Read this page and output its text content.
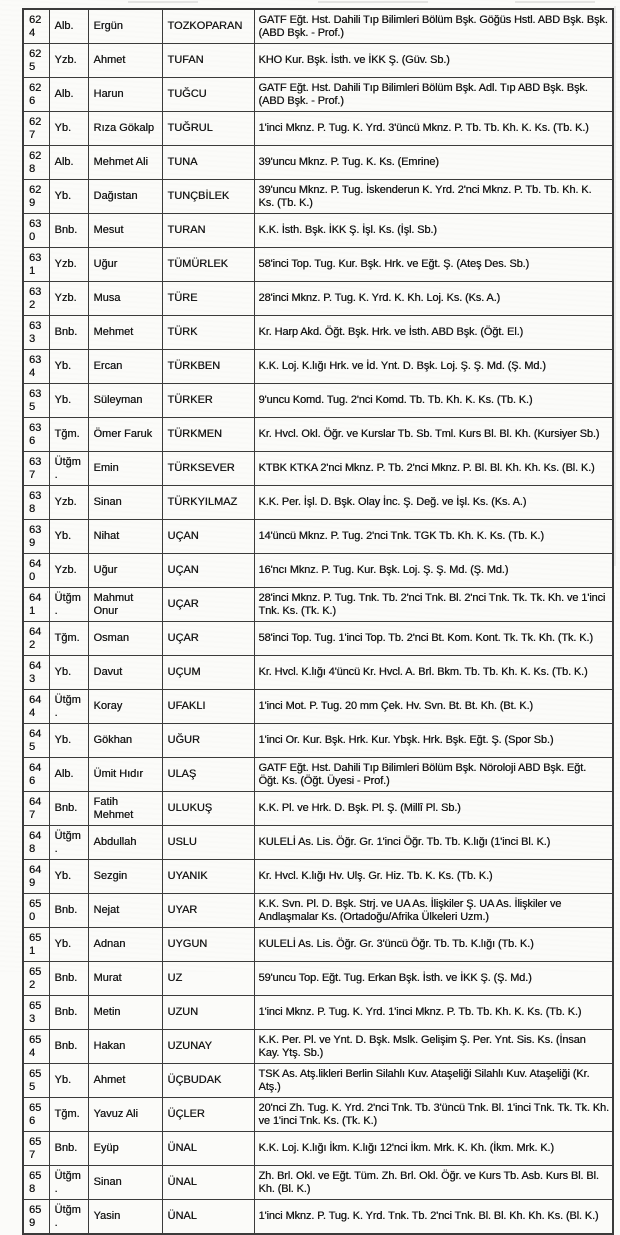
624	Alb.	Ergün	TOZKOPARAN	GATF Eğt. Hst. Dahili Tıp Bilimleri Bölüm Bşk. Göğüs Hstl. ABD Bşk. Bşk. (ABD Bşk. - Prof.)
625	Yzb.	Ahmet	TUFAN	KHO Kur. Bşk. İsth. ve İKK Ş. (Güv. Sb.)
626	Alb.	Harun	TUĞCU	GATF Eğt. Hst. Dahili Tıp Bilimleri Bölüm Bşk. Adl. Tıp ABD Bşk. Bşk. (ABD Bşk. - Prof.)
627	Yb.	Rıza Gökalp	TUĞRUL	1'inci Mknz. P. Tug. K. Yrd. 3'üncü Mknz. P. Tb. Tb. Kh. K. Ks. (Tb. K.)
628	Alb.	Mehmet Ali	TUNA	39'uncu Mknz. P. Tug. K. Ks. (Emrine)
629	Yb.	Dağıstan	TUNÇBİLEK	39'uncu Mknz. P. Tug. İskenderun K. Yrd. 2'nci Mknz. P. Tb. Tb. Kh. K. Ks. (Tb. K.)
630	Bnb.	Mesut	TURAN	K.K. İsth. Bşk. İKK Ş. İşl. Ks. (İşl. Sb.)
631	Yzb.	Uğur	TÜMÜRLEK	58'inci Top. Tug. Kur. Bşk. Hrk. ve Eğt. Ş. (Ateş Des. Sb.)
632	Yzb.	Musa	TÜRE	28'inci Mknz. P. Tug. K. Yrd. K. Kh. Loj. Ks. (Ks. A.)
633	Bnb.	Mehmet	TÜRK	Kr. Harp Akd. Öğt. Bşk. Hrk. ve İsth. ABD Bşk. (Öğt. El.)
634	Yb.	Ercan	TÜRKBEN	K.K. Loj. K.lığı Hrk. ve İd. Ynt. D. Bşk. Loj. Ş. Ş. Md. (Ş. Md.)
635	Yb.	Süleyman	TÜRKER	9'uncu Komd. Tug. 2'nci Komd. Tb. Tb. Kh. K. Ks. (Tb. K.)
636	Tğm.	Ömer Faruk	TÜRKMEN	Kr. Hvcl. Okl. Öğr. ve Kurslar Tb. Sb. Tml. Kurs Bl. Bl. Kh. (Kursiyer Sb.)
637	Ütğm.	Emin	TÜRKSEVER	KTBK KTKA 2'nci Mknz. P. Tb. 2'nci Mknz. P. Bl. Bl. Kh. Kh. Ks. (Bl. K.)
638	Yzb.	Sinan	TÜRKYILMAZ	K.K. Per. İşl. D. Bşk. Olay İnc. Ş. Değ. ve İşl. Ks. (Ks. A.)
639	Yb.	Nihat	UÇAN	14'üncü Mknz. P. Tug. 2'nci Tnk. TGK Tb. Kh. K. Ks. (Tb. K.)
640	Yzb.	Uğur	UÇAN	16'ncı Mknz. P. Tug. Kur. Bşk. Loj. Ş. Ş. Md. (Ş. Md.)
641	Ütğm.	Mahmut Onur	UÇAR	28'inci Mknz. P. Tug. Tnk. Tb. 2'nci Tnk. Bl. 2'nci Tnk. Tk. Tk. Kh. ve 1'inci Tnk. Ks. (Tk. K.)
642	Tğm.	Osman	UÇAR	58'inci Top. Tug. 1'inci Top. Tb. 2'nci Bt. Kom. Kont. Tk. Tk. Kh. (Tk. K.)
643	Yb.	Davut	UÇUM	Kr. Hvcl. K.lığı 4'üncü Kr. Hvcl. A. Brl. Bkm. Tb. Tb. Kh. K. Ks. (Tb. K.)
644	Ütğm.	Koray	UFAKLI	1'inci Mot. P. Tug. 20 mm Çek. Hv. Svn. Bt. Bt. Kh. (Bt. K.)
645	Yb.	Gökhan	UĞUR	1'inci Or. Kur. Bşk. Hrk. Kur. Ybşk. Hrk. Bşk. Eğt. Ş. (Spor Sb.)
646	Alb.	Ümit Hıdır	ULAŞ	GATF Eğt. Hst. Dahili Tıp Bilimleri Bölüm Bşk. Nöroloji ABD Bşk. Eğt. Öğt. Ks. (Öğt. Üyesi - Prof.)
647	Bnb.	Fatih Mehmet	ULUKUŞ	K.K. Pl. ve Hrk. D. Bşk. Pl. Ş. (Millî Pl. Sb.)
648	Ütğm.	Abdullah	USLU	KULELİ As. Lis. Öğr. Gr. 1'inci Öğr. Tb. Tb. K.lığı (1'inci Bl. K.)
649	Yb.	Sezgin	UYANIK	Kr. Hvcl. K.lığı Hv. Ulş. Gr. Hiz. Tb. K. Ks. (Tb. K.)
650	Bnb.	Nejat	UYAR	K.K. Svn. Pl. D. Bşk. Strj. ve UA As. İlişkiler Ş. UA As. İlişkiler ve Andlaşmalar Ks. (Ortadoğu/Afrika Ülkeleri Uzm.)
651	Yb.	Adnan	UYGUN	KULELİ As. Lis. Öğr. Gr. 3'üncü Öğr. Tb. Tb. K.lığı (Tb. K.)
652	Bnb.	Murat	UZ	59'uncu Top. Eğt. Tug. Erkan Bşk. İsth. ve İKK Ş. (Ş. Md.)
653	Bnb.	Metin	UZUN	1'inci Mknz. P. Tug. K. Yrd. 1'inci Mknz. P. Tb. Tb. Kh. K. Ks. (Tb. K.)
654	Bnb.	Hakan	UZUNAY	K.K. Per. Pl. ve Ynt. D. Bşk. Mslk. Gelişim Ş. Per. Ynt. Sis. Ks. (İnsan Kay. Ytş. Sb.)
655	Yb.	Ahmet	ÜÇBUDAK	TSK As. Atş.likleri Berlin Silahlı Kuv. Ataşeliği Silahlı Kuv. Ataşeliği (Kr. Atş.)
656	Tğm.	Yavuz Ali	ÜÇLER	20'nci Zh. Tug. K. Yrd. 2'nci Tnk. Tb. 3'üncü Tnk. Bl. 1'inci Tnk. Tk. Tk. Kh. ve 1'inci Tnk. Ks. (Tk. K.)
657	Bnb.	Eyüp	ÜNAL	K.K. Loj. K.lığı İkm. K.lığı 12'nci İkm. Mrk. K. Kh. (İkm. Mrk. K.)
658	Ütğm.	Sinan	ÜNAL	Zh. Brl. Okl. ve Eğt. Tüm. Zh. Brl. Okl. Öğr. ve Kurs Tb. Asb. Kurs Bl. Bl. Kh. (Bl. K.)
659	Ütğm.	Yasin	ÜNAL	1'inci Mknz. P. Tug. K. Yrd. Tnk. Tb. 2'nci Tnk. Bl. Bl. Kh. Kh. Ks. (Bl. K.)
